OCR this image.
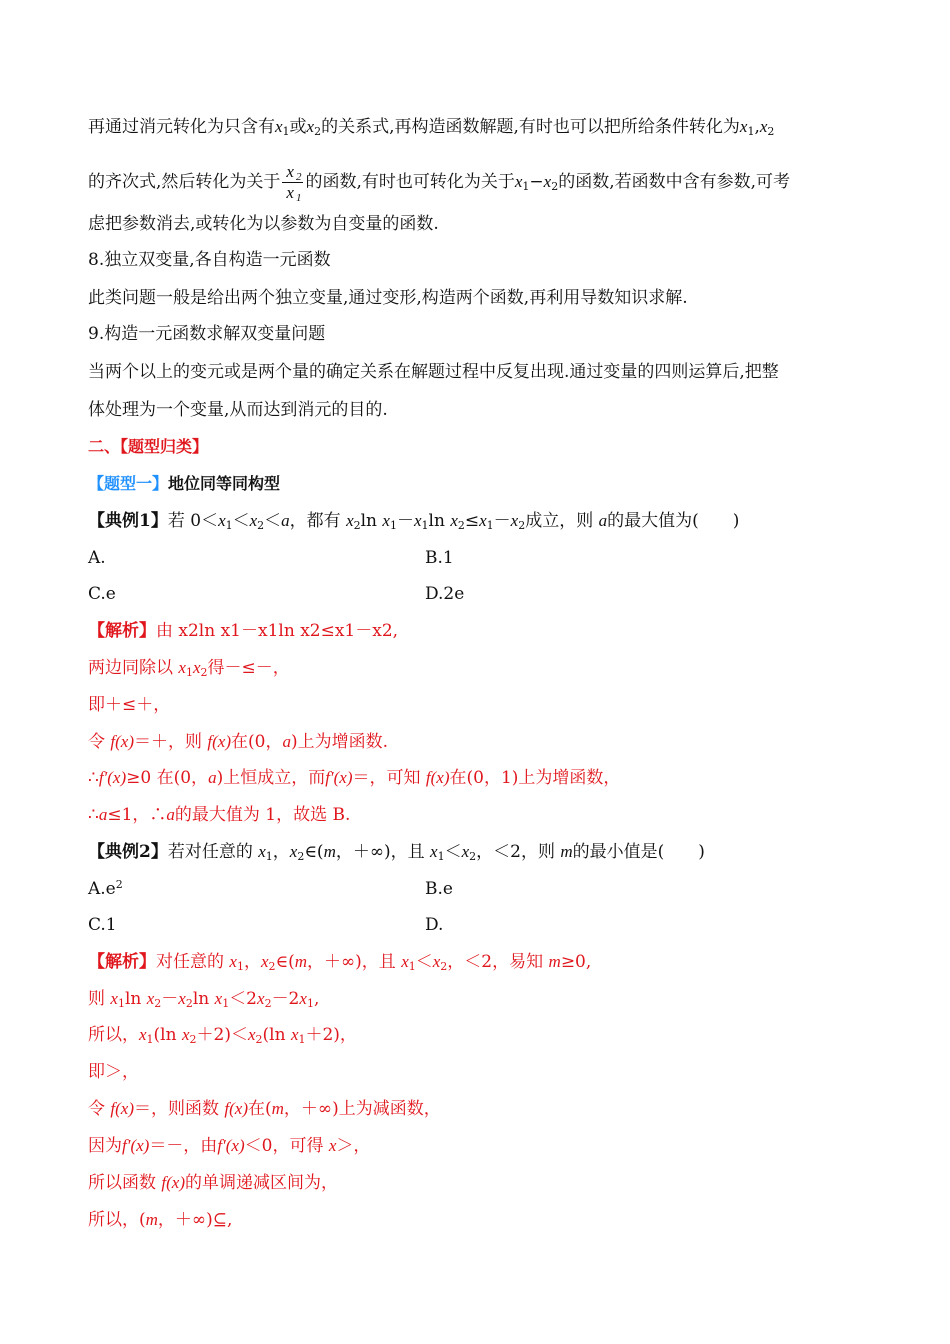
再通过消元转化为只含有$x_1$或$x_2$的关系式,再构造函数解题,有时也可以把所给条件转化为$x_1,x_2$
的齐次式,然后转化为关于 $\frac{x _2}{x _1}$ 的函数,有时也可转化为关于$x_1-x_2$的函数,若函数中含有参数,可考
虑把参数消去,或转化为以参数为自变量的函数.
8.独立双变量,各自构造一元函数
此类问题一般是给出两个独立变量,通过变形,构造两个函数,再利用导数知识求解.
9.构造一元函数求解双变量问题
当两个以上的变元或是两个量的确定关系在解题过程中反复出现.通过变量的四则运算后,把整
体处理为一个变量,从而达到消元的目的.
二、【题型归类】
【题型一】地位同等同构型
【典例1】若 $0<x_1<x_2<a$，都有 $x_2\ln$ $x_1-x_1\ln$ $x_2\le x_1-x_2$成立，则 a的最大值为(　　)
A.	B.1
C.e	D.2e
【解析】由 x2ln x1－x1ln x2≤x1－x2,
两边同除以 $x_1x_2$得－≤－，
即＋≤＋，
令 f(x)＝＋，则 f(x)在(0，a)上为增函数.
∴f′(x)≥0 在(0，a)上恒成立，而f′(x)＝，可知 f(x)在(0，1)上为增函数，
∴a≤1，∴a的最大值为 1，故选 B.
【典例2】若对任意的 $x_1$，$x_2\in(m$，＋∞)，且 $x_1<x_2$，＜2，则 m的最小值是(　　)
$A.e^2$	B.e
C.1	D.
【解析】对任意的 $x_1$，$x_2\in(m$，＋∞)，且 $x_1<x_2$，＜2，易知 m≥0,
则 $x_1\ln$ $x_2-x_2\ln$ $x_1<2x_2-2x_1$,
所以，$x_1(\ln$ $x_2+2)<x_2(\ln$ $x_1+2$)，
即＞，
令 f(x)＝，则函数 f(x)在(m，＋∞)上为减函数，
因为f′(x)＝－，由f′(x)＜0，可得 x＞，
所以函数 f(x)的单调递减区间为，
所以，(m，＋∞)⊆,
